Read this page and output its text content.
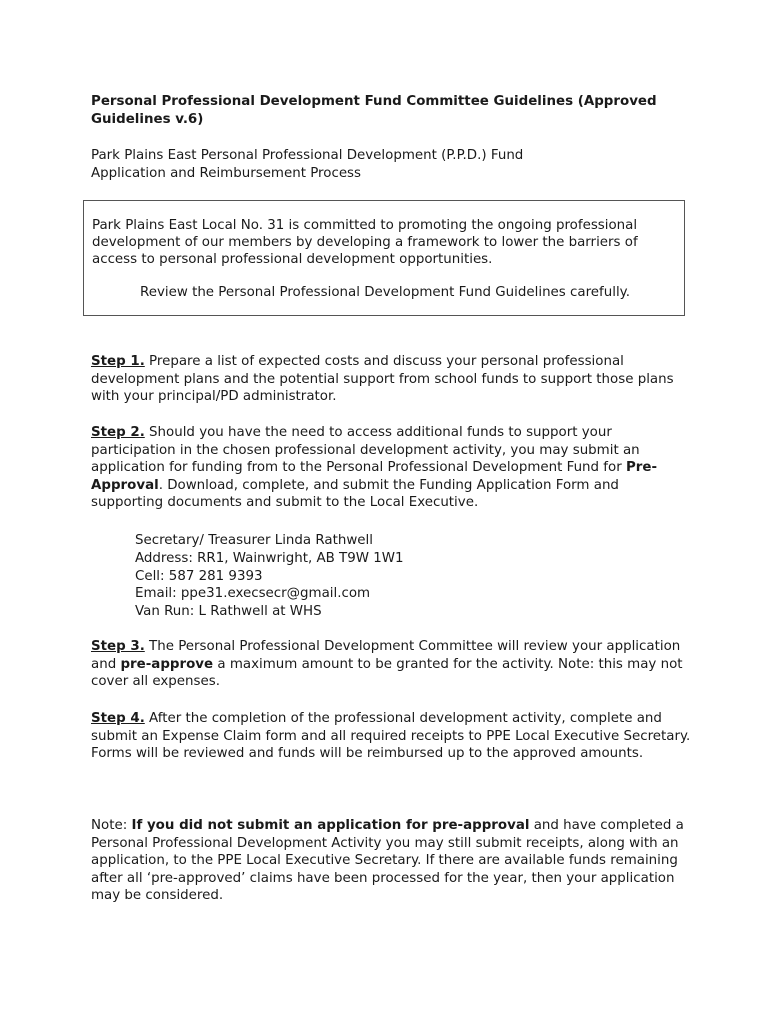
Personal Professional Development Fund Committee Guidelines (Approved Guidelines v.6)

Park Plains East Personal Professional Development (P.P.D.) Fund
Application and Reimbursement Process

Park Plains East Local No. 31 is committed to promoting the ongoing professional development of our members by developing a framework to lower the barriers of access to personal professional development opportunities.

Review the Personal Professional Development Fund Guidelines carefully.

Step 1. Prepare a list of expected costs and discuss your personal professional development plans and the potential support from school funds to support those plans with your principal/PD administrator.

Step 2. Should you have the need to access additional funds to support your participation in the chosen professional development activity, you may submit an application for funding from to the Personal Professional Development Fund for Pre-Approval. Download, complete, and submit the Funding Application Form and supporting documents and submit to the Local Executive.

Secretary/ Treasurer Linda Rathwell
Address: RR1, Wainwright, AB T9W 1W1
Cell: 587 281 9393
Email: ppe31.execsecr@gmail.com
Van Run: L Rathwell at WHS

Step 3. The Personal Professional Development Committee will review your application and pre-approve a maximum amount to be granted for the activity. Note: this may not cover all expenses.

Step 4. After the completion of the professional development activity, complete and submit an Expense Claim form and all required receipts to PPE Local Executive Secretary. Forms will be reviewed and funds will be reimbursed up to the approved amounts.

Note: If you did not submit an application for pre-approval and have completed a Personal Professional Development Activity you may still submit receipts, along with an application, to the PPE Local Executive Secretary. If there are available funds remaining after all ‘pre-approved’ claims have been processed for the year, then your application may be considered.
